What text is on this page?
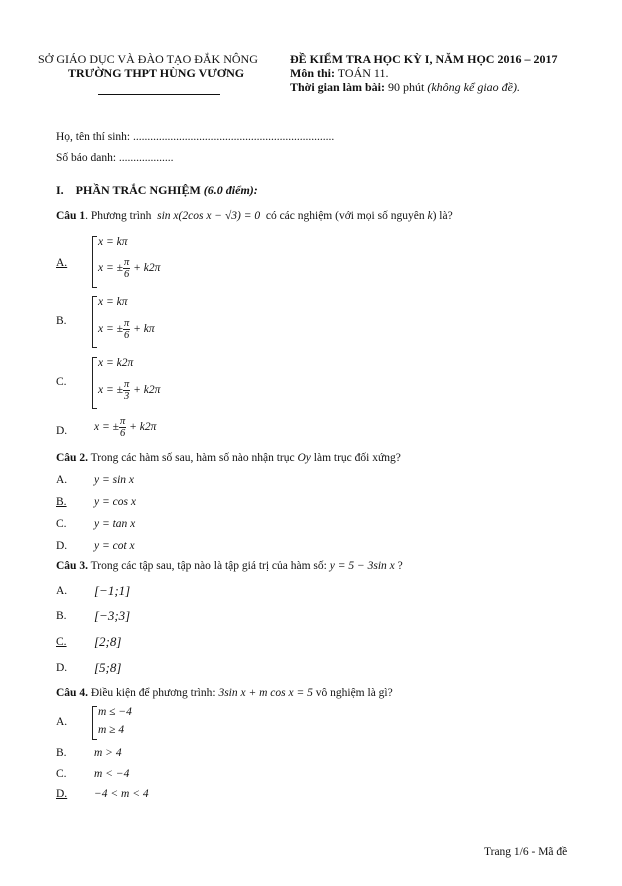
SỞ GIÁO DỤC VÀ ĐÀO TẠO ĐẮK NÔNG
TRƯỜNG THPT HÙNG VƯƠNG
ĐỀ KIỂM TRA HỌC KỲ I, NĂM HỌC 2016 – 2017
Môn thi: TOÁN 11.
Thời gian làm bài: 90 phút (không kể giao đề).
Họ, tên thí sinh: ......................................................................
Số báo danh: ...................
I. PHẦN TRẮC NGHIỆM (6.0 điểm):
Câu 1. Phương trình sin x(2cos x − √3) = 0 có các nghiệm (với mọi số nguyên k) là?
A.
x = kπ
x = ± $\frac{\pi}{6} + k2\pi$
B.
x = kπ
x = ± $\frac{\pi}{6} + k\pi$
C.
x = k2π
x = ± $\frac{\pi}{3} + k2\pi$
D. x = ± $\frac{\pi}{6} + k2\pi$
Câu 2. Trong các hàm số sau, hàm số nào nhận trục Oy làm trục đối xứng?
A. y = sin x
B. y = cos x
C. y = tan x
D. y = cot x
Câu 3. Trong các tập sau, tập nào là tập giá trị của hàm số: y = 5 − 3sin x ?
A. [−1;1]
B. [−3;3]
C. [2;8]
D. [5;8]
Câu 4. Điều kiện để phương trình: 3sin x + m cos x = 5 vô nghiệm là gì?
A.
m ≤ −4
m ≥ 4
B. m > 4
C. m < −4
D. −4 < m < 4
Trang 1/6 - Mã đề
